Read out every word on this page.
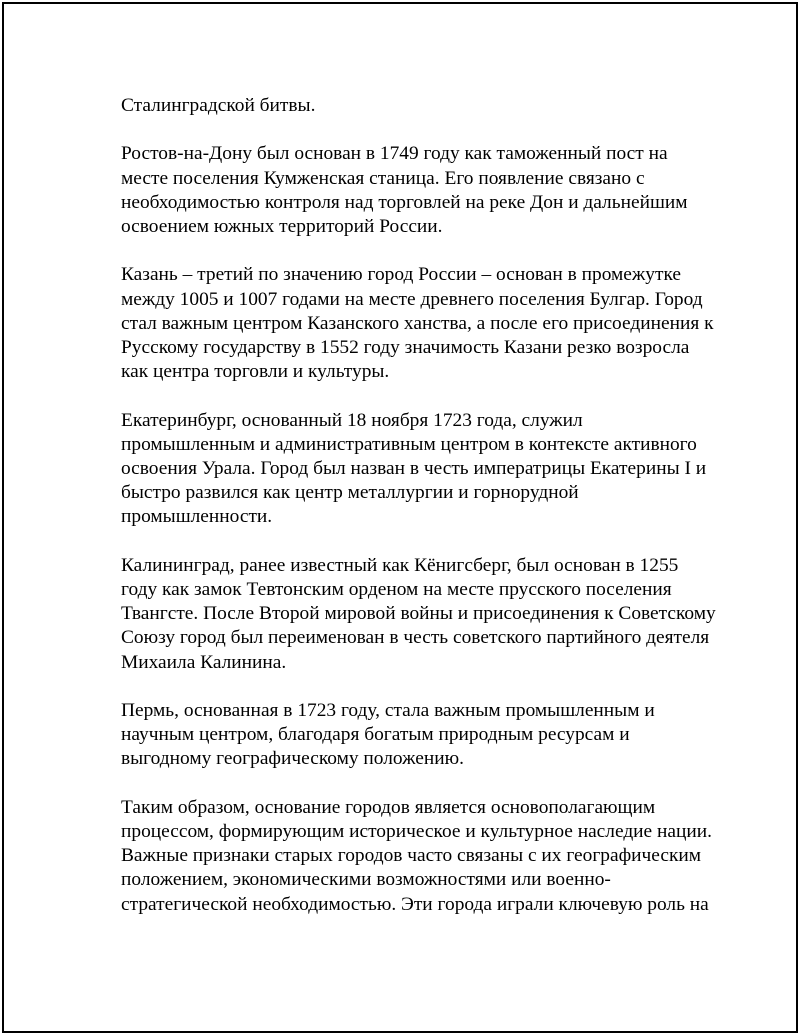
Сталинградской битвы.

Ростов-на-Дону был основан в 1749 году как таможенный пост на
месте поселения Кумженская станица. Его появление связано с
необходимостью контроля над торговлей на реке Дон и дальнейшим
освоением южных территорий России.

Казань – третий по значению город России – основан в промежутке
между 1005 и 1007 годами на месте древнего поселения Булгар. Город
стал важным центром Казанского ханства, а после его присоединения к
Русскому государству в 1552 году значимость Казани резко возросла
как центра торговли и культуры.

Екатеринбург, основанный 18 ноября 1723 года, служил
промышленным и административным центром в контексте активного
освоения Урала. Город был назван в честь императрицы Екатерины I и
быстро развился как центр металлургии и горнорудной
промышленности.

Калининград, ранее известный как Кёнигсберг, был основан в 1255
году как замок Тевтонским орденом на месте прусского поселения
Твангсте. После Второй мировой войны и присоединения к Советскому
Союзу город был переименован в честь советского партийного деятеля
Михаила Калинина.

Пермь, основанная в 1723 году, стала важным промышленным и
научным центром, благодаря богатым природным ресурсам и
выгодному географическому положению.

Таким образом, основание городов является основополагающим
процессом, формирующим историческое и культурное наследие нации.
Важные признаки старых городов часто связаны с их географическим
положением, экономическими возможностями или военно-
стратегической необходимостью. Эти города играли ключевую роль на
